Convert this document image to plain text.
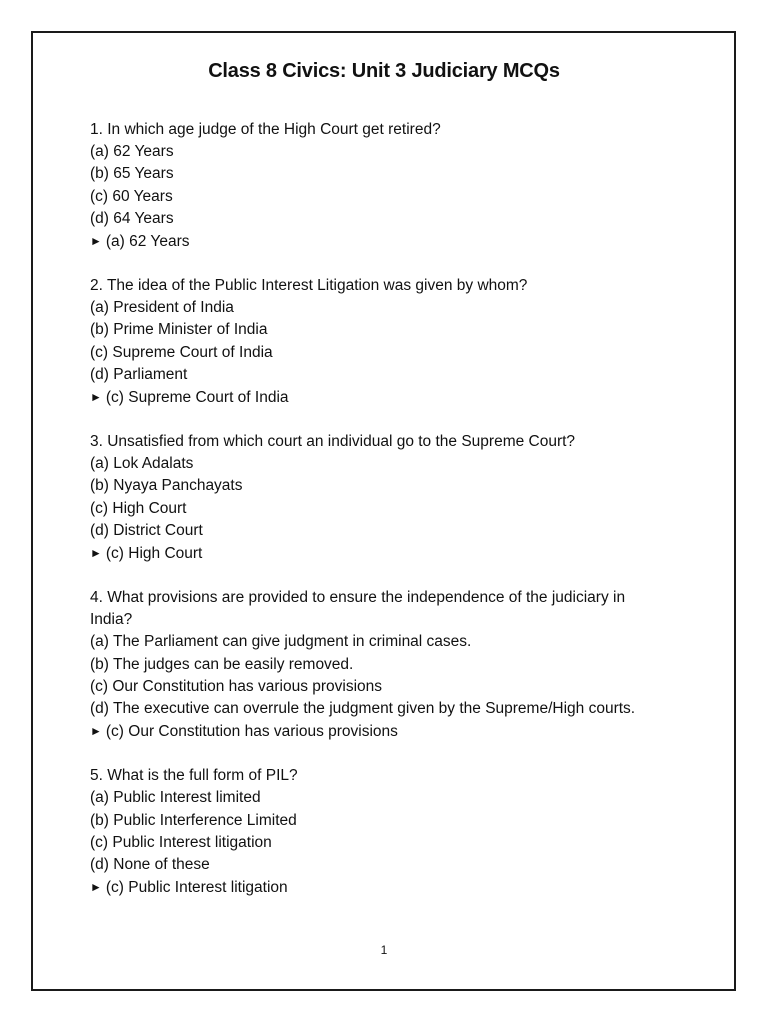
Class 8 Civics: Unit 3 Judiciary MCQs
1. In which age judge of the High Court get retired?
(a) 62 Years
(b) 65 Years
(c) 60 Years
(d) 64 Years
► (a) 62 Years
2. The idea of the Public Interest Litigation was given by whom?
(a) President of India
(b) Prime Minister of India
(c) Supreme Court of India
(d) Parliament
► (c) Supreme Court of India
3. Unsatisfied from which court an individual go to the Supreme Court?
(a) Lok Adalats
(b) Nyaya Panchayats
(c) High Court
(d) District Court
► (c) High Court
4. What provisions are provided to ensure the independence of the judiciary in India?
(a) The Parliament can give judgment in criminal cases.
(b) The judges can be easily removed.
(c) Our Constitution has various provisions
(d) The executive can overrule the judgment given by the Supreme/High courts.
► (c) Our Constitution has various provisions
5. What is the full form of PIL?
(a) Public Interest limited
(b) Public Interference Limited
(c) Public Interest litigation
(d) None of these
► (c) Public Interest litigation
1
